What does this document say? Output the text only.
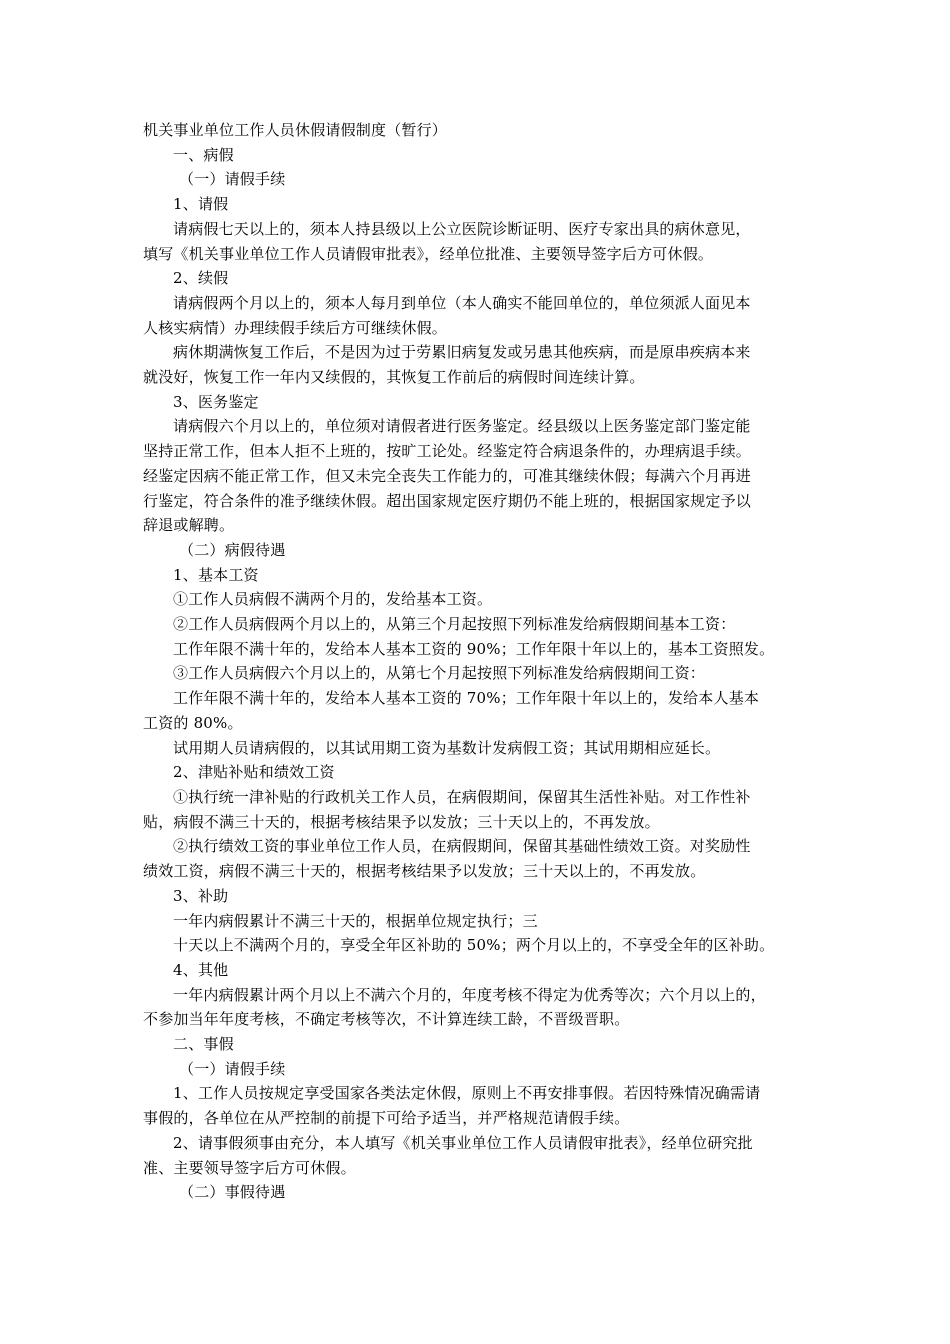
机关事业单位工作人员休假请假制度（暂行）
一、病假
（一）请假手续
1、请假
请病假七天以上的，须本人持县级以上公立医院诊断证明、医疗专家出具的病休意见，
填写《机关事业单位工作人员请假审批表》，经单位批准、主要领导签字后方可休假。
2、续假
请病假两个月以上的，须本人每月到单位（本人确实不能回单位的，单位须派人面见本
人核实病情）办理续假手续后方可继续休假。
病休期满恢复工作后，不是因为过于劳累旧病复发或另患其他疾病，而是原串疾病本来
就没好，恢复工作一年内又续假的，其恢复工作前后的病假时间连续计算。
3、医务鉴定
请病假六个月以上的，单位须对请假者进行医务鉴定。经县级以上医务鉴定部门鉴定能
坚持正常工作，但本人拒不上班的，按旷工论处。经鉴定符合病退条件的，办理病退手续。
经鉴定因病不能正常工作，但又未完全丧失工作能力的，可准其继续休假；每满六个月再进
行鉴定，符合条件的准予继续休假。超出国家规定医疗期仍不能上班的，根据国家规定予以
辞退或解聘。
（二）病假待遇
1、基本工资
①工作人员病假不满两个月的，发给基本工资。
②工作人员病假两个月以上的，从第三个月起按照下列标准发给病假期间基本工资：
工作年限不满十年的，发给本人基本工资的 90%；工作年限十年以上的，基本工资照发。
③工作人员病假六个月以上的，从第七个月起按照下列标准发给病假期间工资：
工作年限不满十年的，发给本人基本工资的 70%；工作年限十年以上的，发给本人基本
工资的 80%。
试用期人员请病假的，以其试用期工资为基数计发病假工资；其试用期相应延长。
2、津贴补贴和绩效工资
①执行统一津补贴的行政机关工作人员，在病假期间，保留其生活性补贴。对工作性补
贴，病假不满三十天的，根据考核结果予以发放；三十天以上的，不再发放。
②执行绩效工资的事业单位工作人员，在病假期间，保留其基础性绩效工资。对奖励性
绩效工资，病假不满三十天的，根据考核结果予以发放；三十天以上的，不再发放。
3、补助
一年内病假累计不满三十天的，根据单位规定执行；三
十天以上不满两个月的，享受全年区补助的 50%；两个月以上的，不享受全年的区补助。
4、其他
一年内病假累计两个月以上不满六个月的，年度考核不得定为优秀等次；六个月以上的，
不参加当年年度考核，不确定考核等次，不计算连续工龄，不晋级晋职。
二、事假
（一）请假手续
1、工作人员按规定享受国家各类法定休假，原则上不再安排事假。若因特殊情况确需请
事假的，各单位在从严控制的前提下可给予适当，并严格规范请假手续。
2、请事假须事由充分，本人填写《机关事业单位工作人员请假审批表》，经单位研究批
准、主要领导签字后方可休假。
（二）事假待遇
